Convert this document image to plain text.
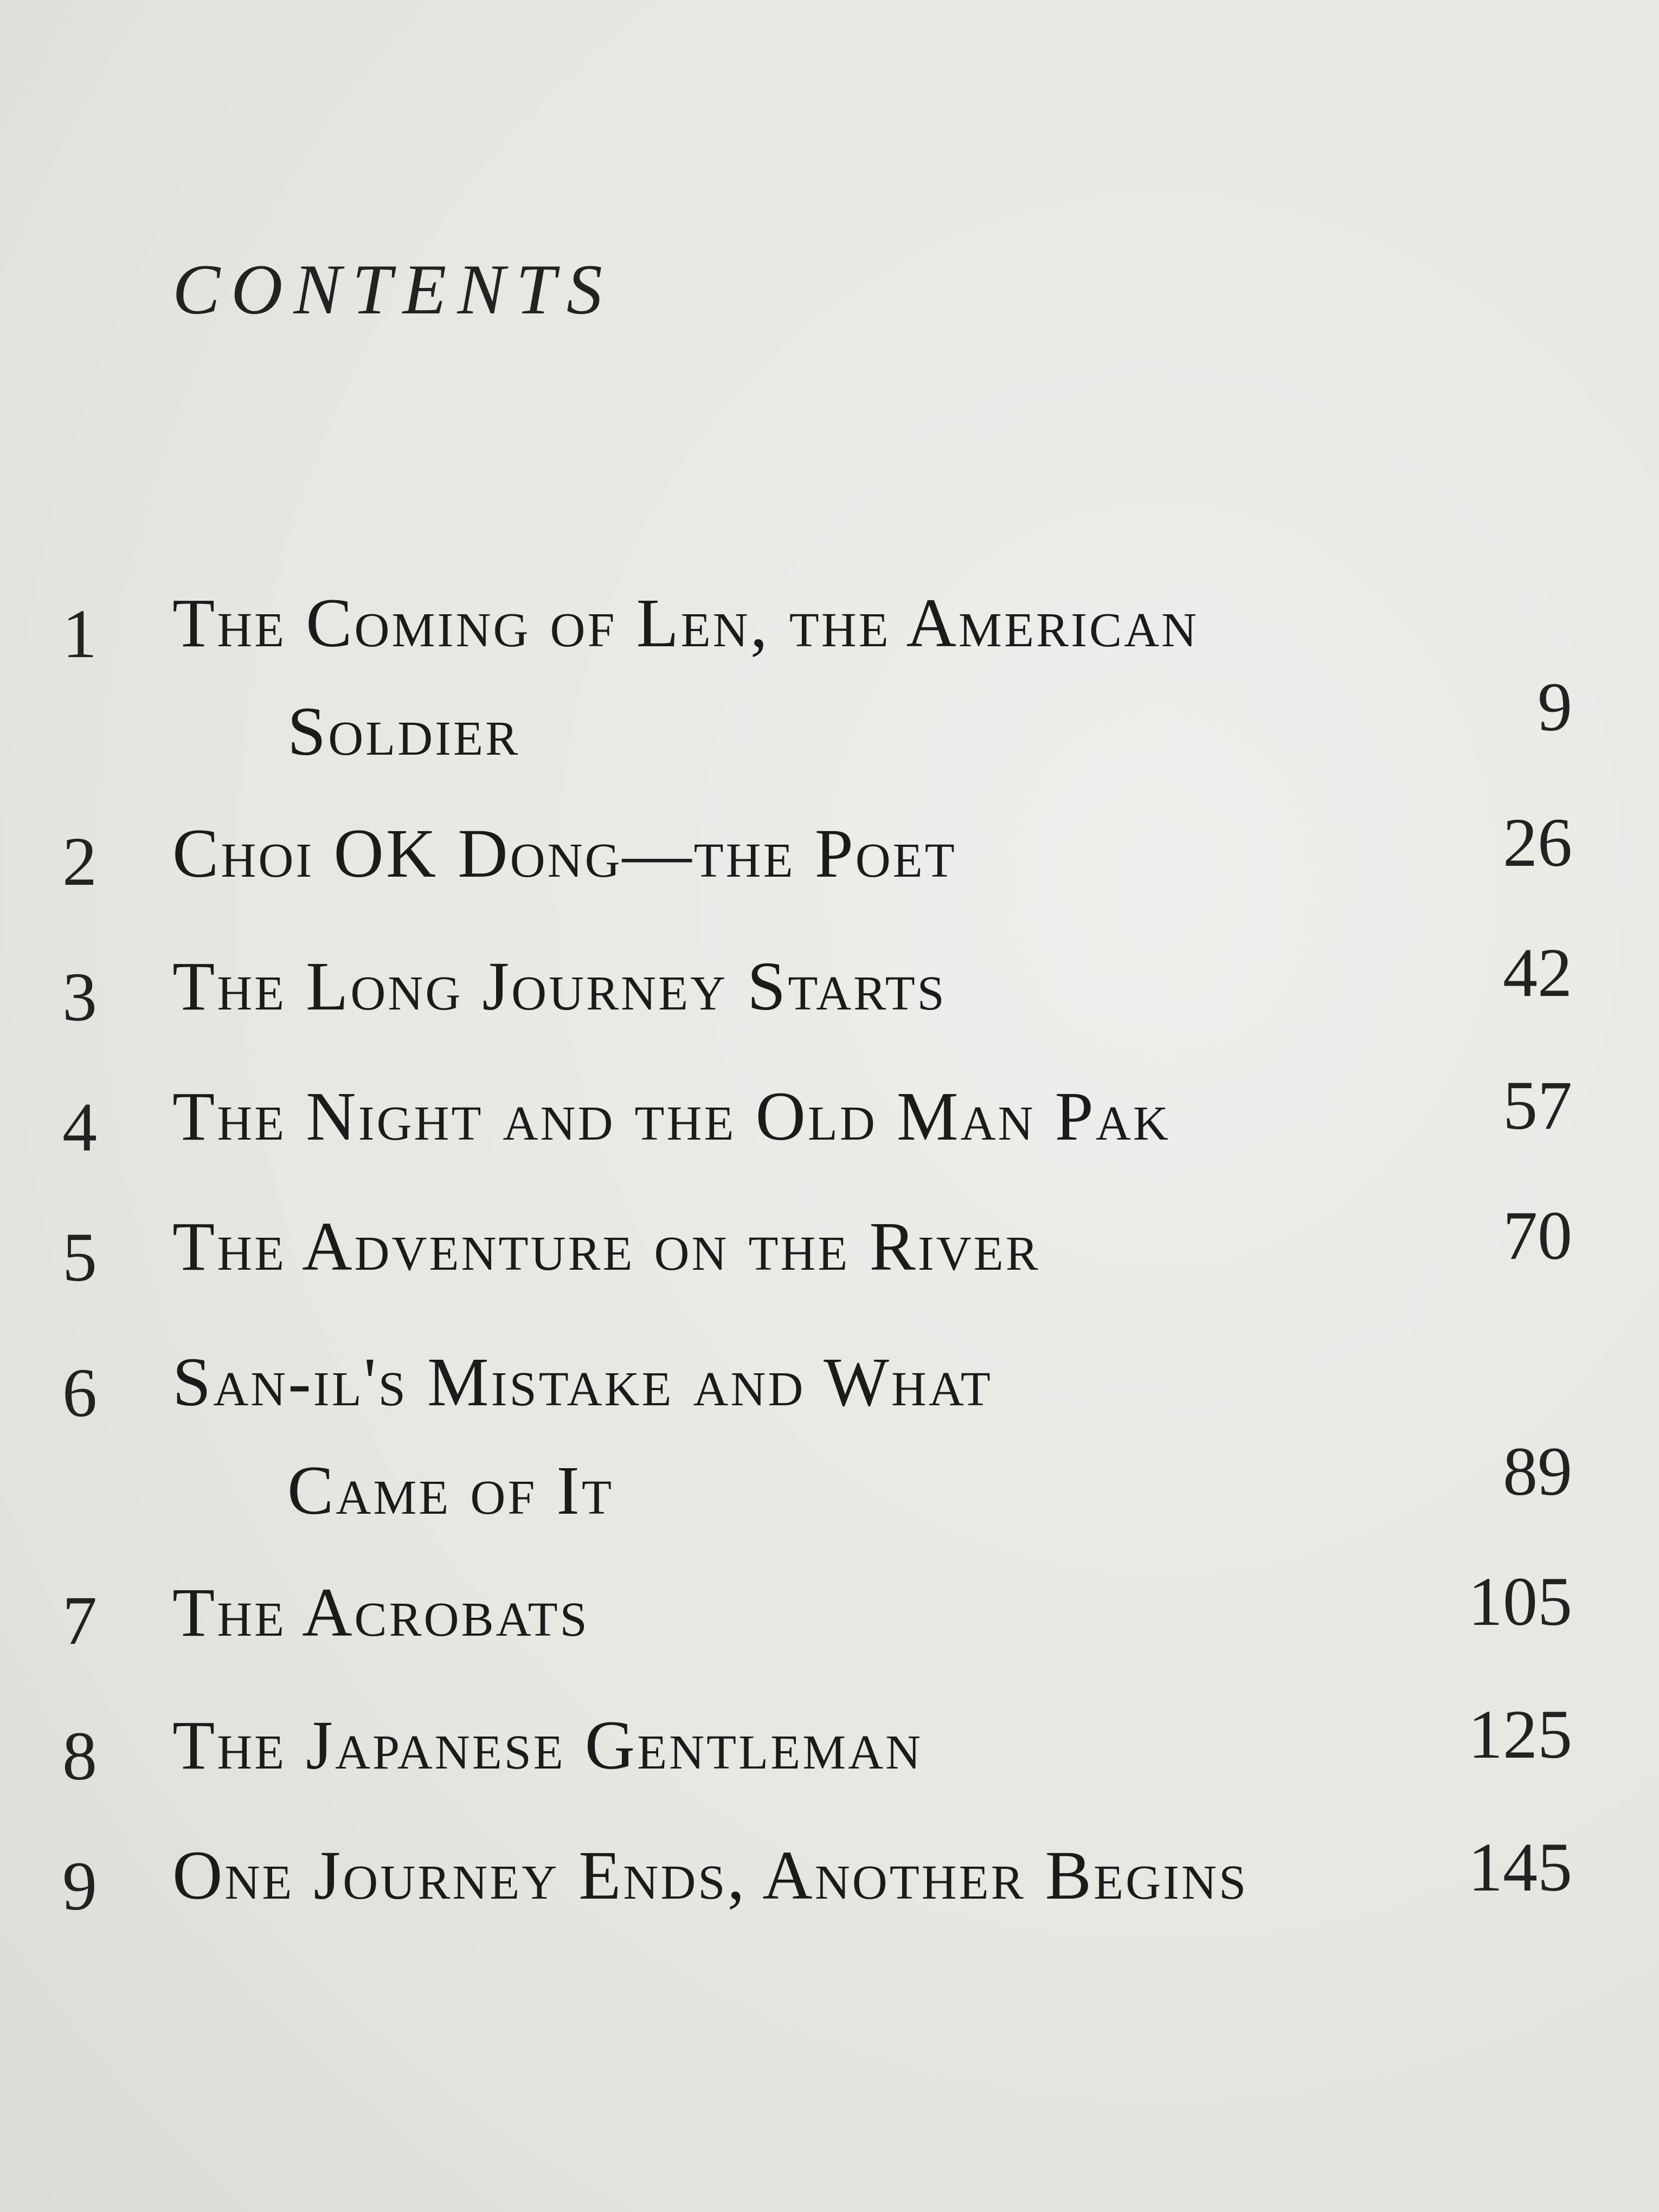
CONTENTS
1 The Coming of Len, the American
Soldier	9
2 Choi OK Dong—the Poet	26
3 The Long Journey Starts	42
4 The Night and the Old Man Pak	57
5 The Adventure on the River	70
6 San-il's Mistake and What
Came of It	89
7 The Acrobats	105
8 The Japanese Gentleman	125
9 One Journey Ends, Another Begins	145
